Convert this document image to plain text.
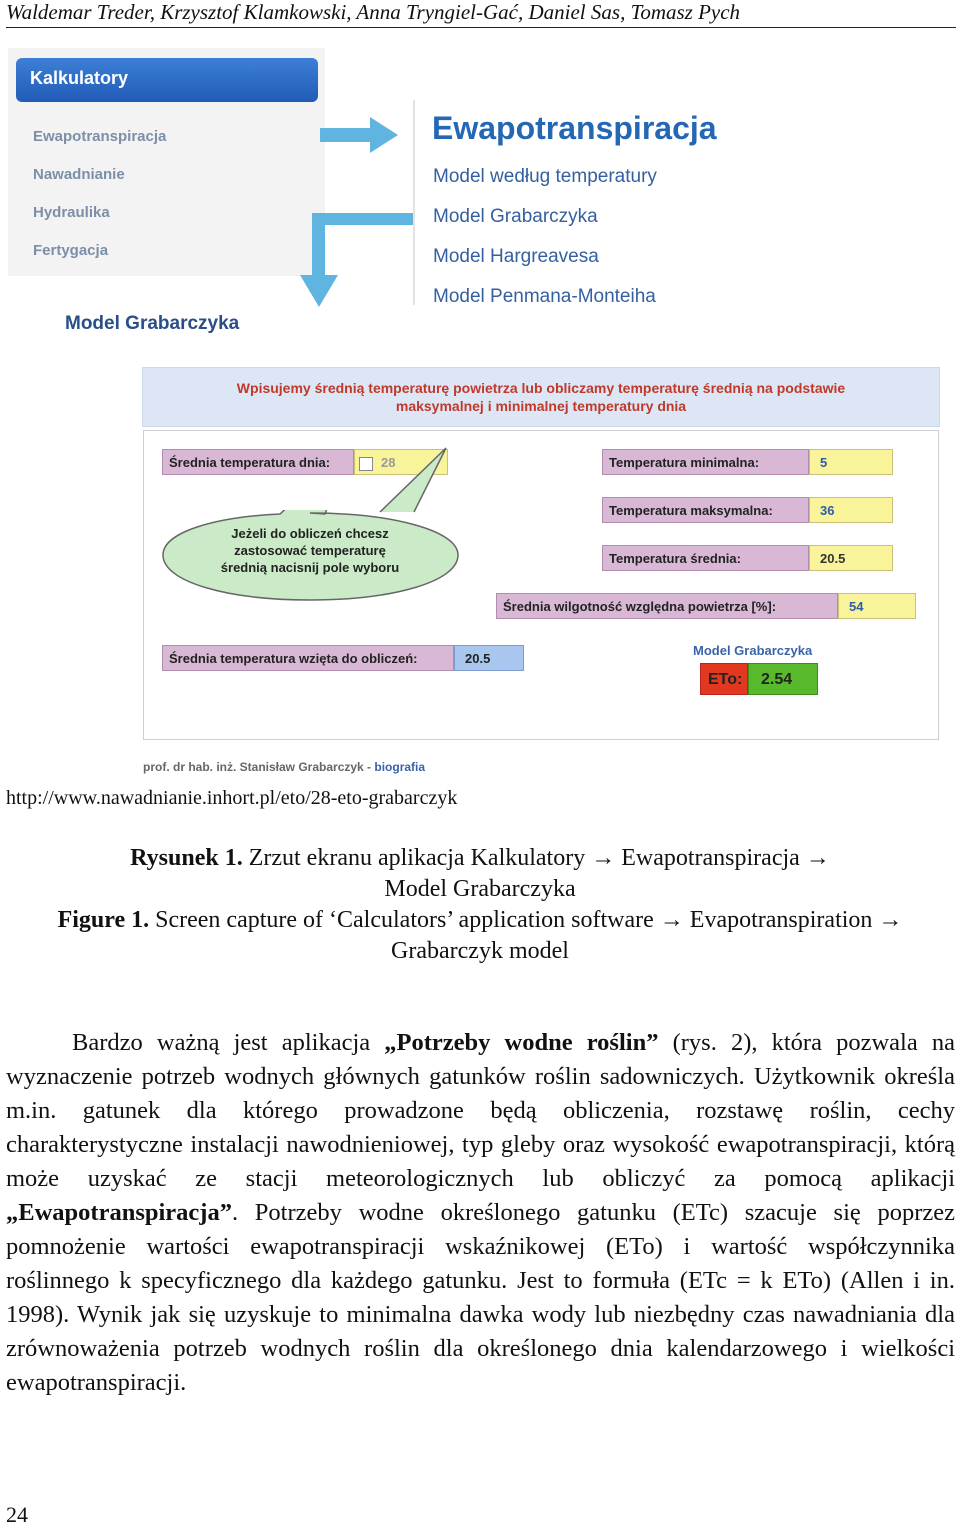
Waldemar Treder, Krzysztof Klamkowski, Anna Tryngiel-Gać, Daniel Sas, Tomasz Pych
Kalkulatory
Ewapotranspiracja
Nawadnianie
Hydraulika
Fertygacja
Ewapotranspiracja
Model według temperatury
Model Grabarczyka
Model Hargreavesa
Model Penmana-Monteiha
Model Grabarczyka
Wpisujemy średnią temperaturę powietrza lub obliczamy temperaturę średnią na podstawie
maksymalnej i minimalnej temperatury dnia
Średnia temperatura dnia:	28	Temperatura minimalna:	5
Temperatura maksymalna:	36
Temperatura średnia:	20.5
Średnia wilgotność względna powietrza [%]:	54
Średnia temperatura wzięta do obliczeń:	20.5
Jeżeli do obliczeń chcesz
zastosować temperaturę
średnią nacisnij pole wyboru
Model Grabarczyka
ETo:	2.54
prof. dr hab. inż. Stanisław Grabarczyk - biografia
http://www.nawadnianie.inhort.pl/eto/28-eto-grabarczyk
Rysunek 1. Zrzut ekranu aplikacja Kalkulatory → Ewapotranspiracja →
Model Grabarczyka
Figure 1. Screen capture of ‘Calculators’ application software → Evapotranspiration →
Grabarczyk model
Bardzo ważną jest aplikacja „Potrzeby wodne roślin” (rys. 2), która pozwala na wyznaczenie potrzeb wodnych głównych gatunków roślin sadowniczych. Użytkownik określa m.in. gatunek dla którego prowadzone będą obliczenia, rozstawę roślin, cechy charakterystyczne instalacji nawodnieniowej, typ gleby oraz wysokość ewapotranspiracji, którą może uzyskać ze stacji meteorologicznych lub obliczyć za pomocą aplikacji „Ewapotranspiracja”. Potrzeby wodne określonego gatunku (ETc) szacuje się poprzez pomnożenie wartości ewapotranspiracji wskaźnikowej (ETo) i wartość współczynnika roślinnego k specyficznego dla każdego gatunku. Jest to formuła (ETc = k ETo) (Allen i in. 1998). Wynik jak się uzyskuje to minimalna dawka wody lub niezbędny czas nawadniania dla zrównoważenia potrzeb wodnych roślin dla określonego dnia kalendarzowego i wielkości ewapotranspiracji.
24
